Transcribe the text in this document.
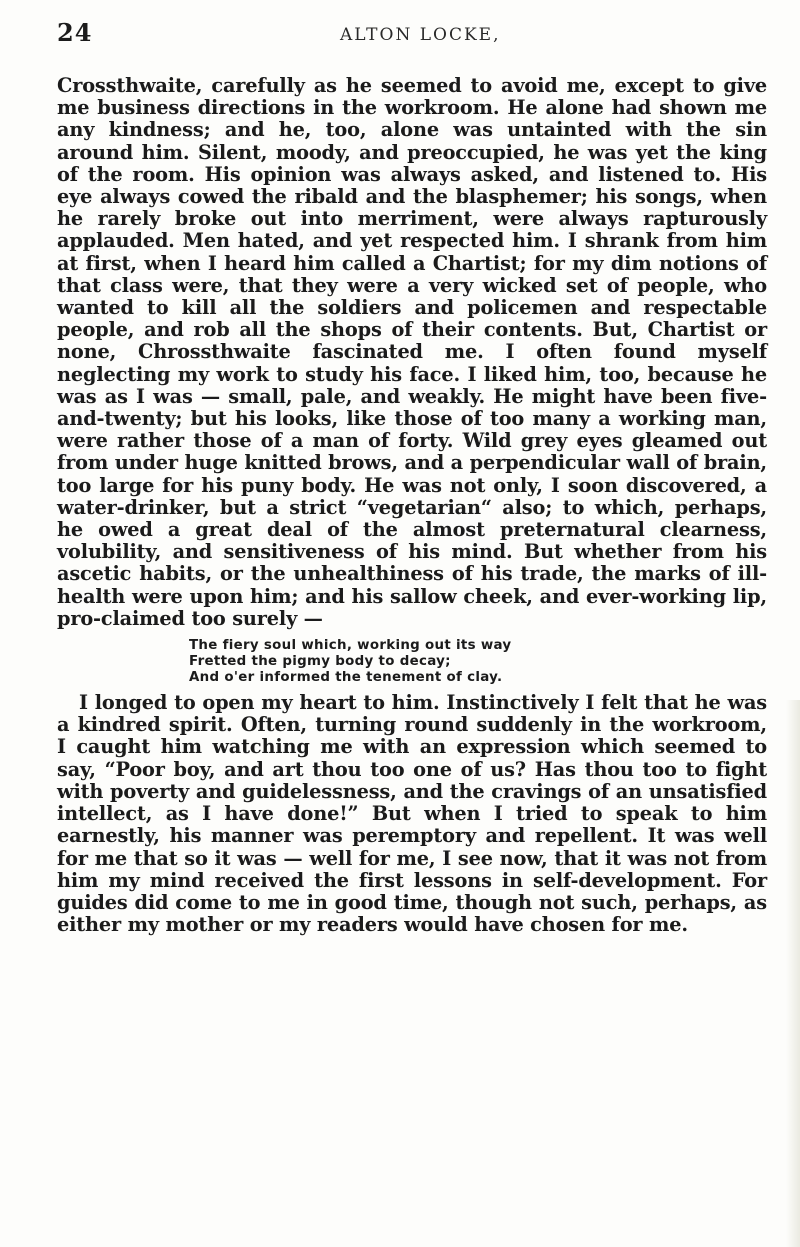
24	ALTON LOCKE,

Crossthwaite, carefully as he seemed to avoid me, except to give me business directions in the workroom. He alone had shown me any kindness; and he, too, alone was untainted with the sin around him. Silent, moody, and preoccupied, he was yet the king of the room. His opinion was always asked, and listened to. His eye always cowed the ribald and the blasphemer; his songs, when he rarely broke out into merriment, were always rapturously applauded. Men hated, and yet respected him. I shrank from him at first, when I heard him called a Chartist; for my dim notions of that class were, that they were a very wicked set of people, who wanted to kill all the soldiers and policemen and respectable people, and rob all the shops of their contents. But, Chartist or none, Chrossthwaite fascinated me. I often found myself neglecting my work to study his face. I liked him, too, because he was as I was — small, pale, and weakly. He might have been five-and-twenty; but his looks, like those of too many a working man, were rather those of a man of forty. Wild grey eyes gleamed out from under huge knitted brows, and a perpendicular wall of brain, too large for his puny body. He was not only, I soon discovered, a water-drinker, but a strict “vegetarian“ also; to which, perhaps, he owed a great deal of the almost preternatural clearness, volubility, and sensitiveness of his mind. But whether from his ascetic habits, or the unhealthiness of his trade, the marks of ill-health were upon him; and his sallow cheek, and ever-working lip, pro-claimed too surely —

The fiery soul which, working out its way
Fretted the pigmy body to decay;
And o'er informed the tenement of clay.

I longed to open my heart to him. Instinctively I felt that he was a kindred spirit. Often, turning round suddenly in the workroom, I caught him watching me with an expression which seemed to say, “Poor boy, and art thou too one of us? Has thou too to fight with poverty and guidelessness, and the cravings of an unsatisfied intellect, as I have done!” But when I tried to speak to him earnestly, his manner was peremptory and repellent. It was well for me that so it was — well for me, I see now, that it was not from him my mind received the first lessons in self-development. For guides did come to me in good time, though not such, perhaps, as either my mother or my readers would have chosen for me.
